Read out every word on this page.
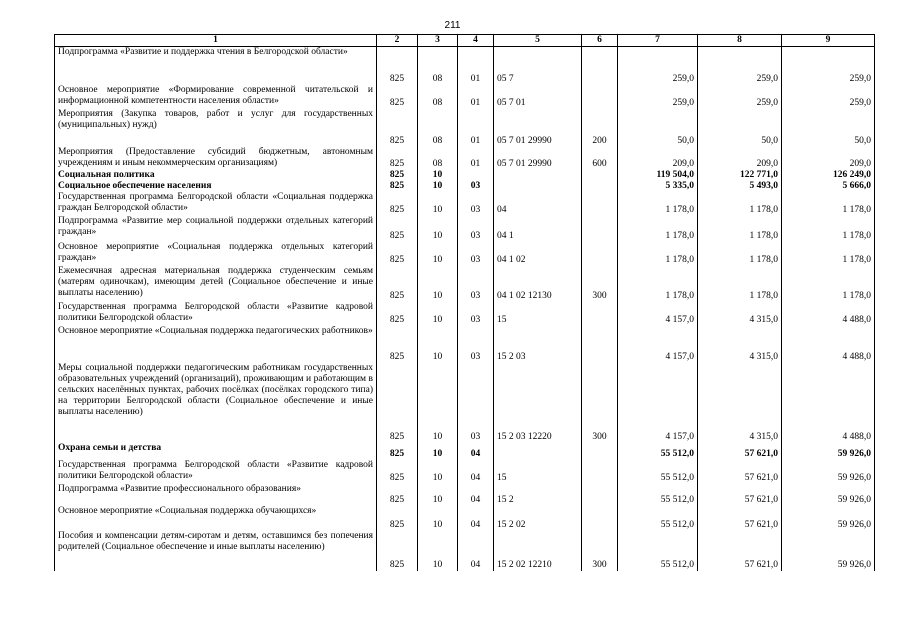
211
1	2	3	4	5	6	7	8	9
Подпрограмма «Развитие и поддержка чтения в Белгородской области»	825	08	01	05 7		259,0	259,0	259,0
Основное мероприятие «Формирование современной читательской и информационной компетентности населения области»	825	08	01	05 7 01		259,0	259,0	259,0
Мероприятия (Закупка товаров, работ и услуг для государственных (муниципальных) нужд)	825	08	01	05 7 01 29990	200	50,0	50,0	50,0
Мероприятия (Предоставление субсидий бюджетным, автономным учреждениям и иным некоммерческим организациям)	825	08	01	05 7 01 29990	600	209,0	209,0	209,0
Социальная политика	825	10				119 504,0	122 771,0	126 249,0
Социальное обеспечение населения	825	10	03			5 335,0	5 493,0	5 666,0
Государственная программа Белгородской области «Социальная поддержка граждан Белгородской области»	825	10	03	04		1 178,0	1 178,0	1 178,0
Подпрограмма «Развитие мер социальной поддержки отдельных категорий граждан»	825	10	03	04 1		1 178,0	1 178,0	1 178,0
Основное мероприятие «Социальная поддержка отдельных категорий граждан»	825	10	03	04 1 02		1 178,0	1 178,0	1 178,0
Ежемесячная адресная материальная поддержка студенческим семьям (матерям одиночкам), имеющим детей (Социальное обеспечение и иные выплаты населению)	825	10	03	04 1 02 12130	300	1 178,0	1 178,0	1 178,0
Государственная программа Белгородской области «Развитие кадровой политики Белгородской области»	825	10	03	15		4 157,0	4 315,0	4 488,0
Основное мероприятие «Социальная поддержка педагогических работников»	825	10	03	15 2 03		4 157,0	4 315,0	4 488,0
Меры социальной поддержки педагогическим работникам государственных образовательных учреждений (организаций), проживающим и работающим в сельских населённых пунктах, рабочих посёлках (посёлках городского типа) на территории Белгородской области (Социальное обеспечение и иные выплаты населению)	825	10	03	15 2 03 12220	300	4 157,0	4 315,0	4 488,0
Охрана семьи и детства	825	10	04			55 512,0	57 621,0	59 926,0
Государственная программа Белгородской области «Развитие кадровой политики Белгородской области»	825	10	04	15		55 512,0	57 621,0	59 926,0
Подпрограмма «Развитие профессионального образования»	825	10	04	15 2		55 512,0	57 621,0	59 926,0
Основное мероприятие «Социальная поддержка обучающихся»	825	10	04	15 2 02		55 512,0	57 621,0	59 926,0
Пособия и компенсации детям-сиротам и детям, оставшимся без попечения родителей (Социальное обеспечение и иные выплаты населению)	825	10	04	15 2 02 12210	300	55 512,0	57 621,0	59 926,0
